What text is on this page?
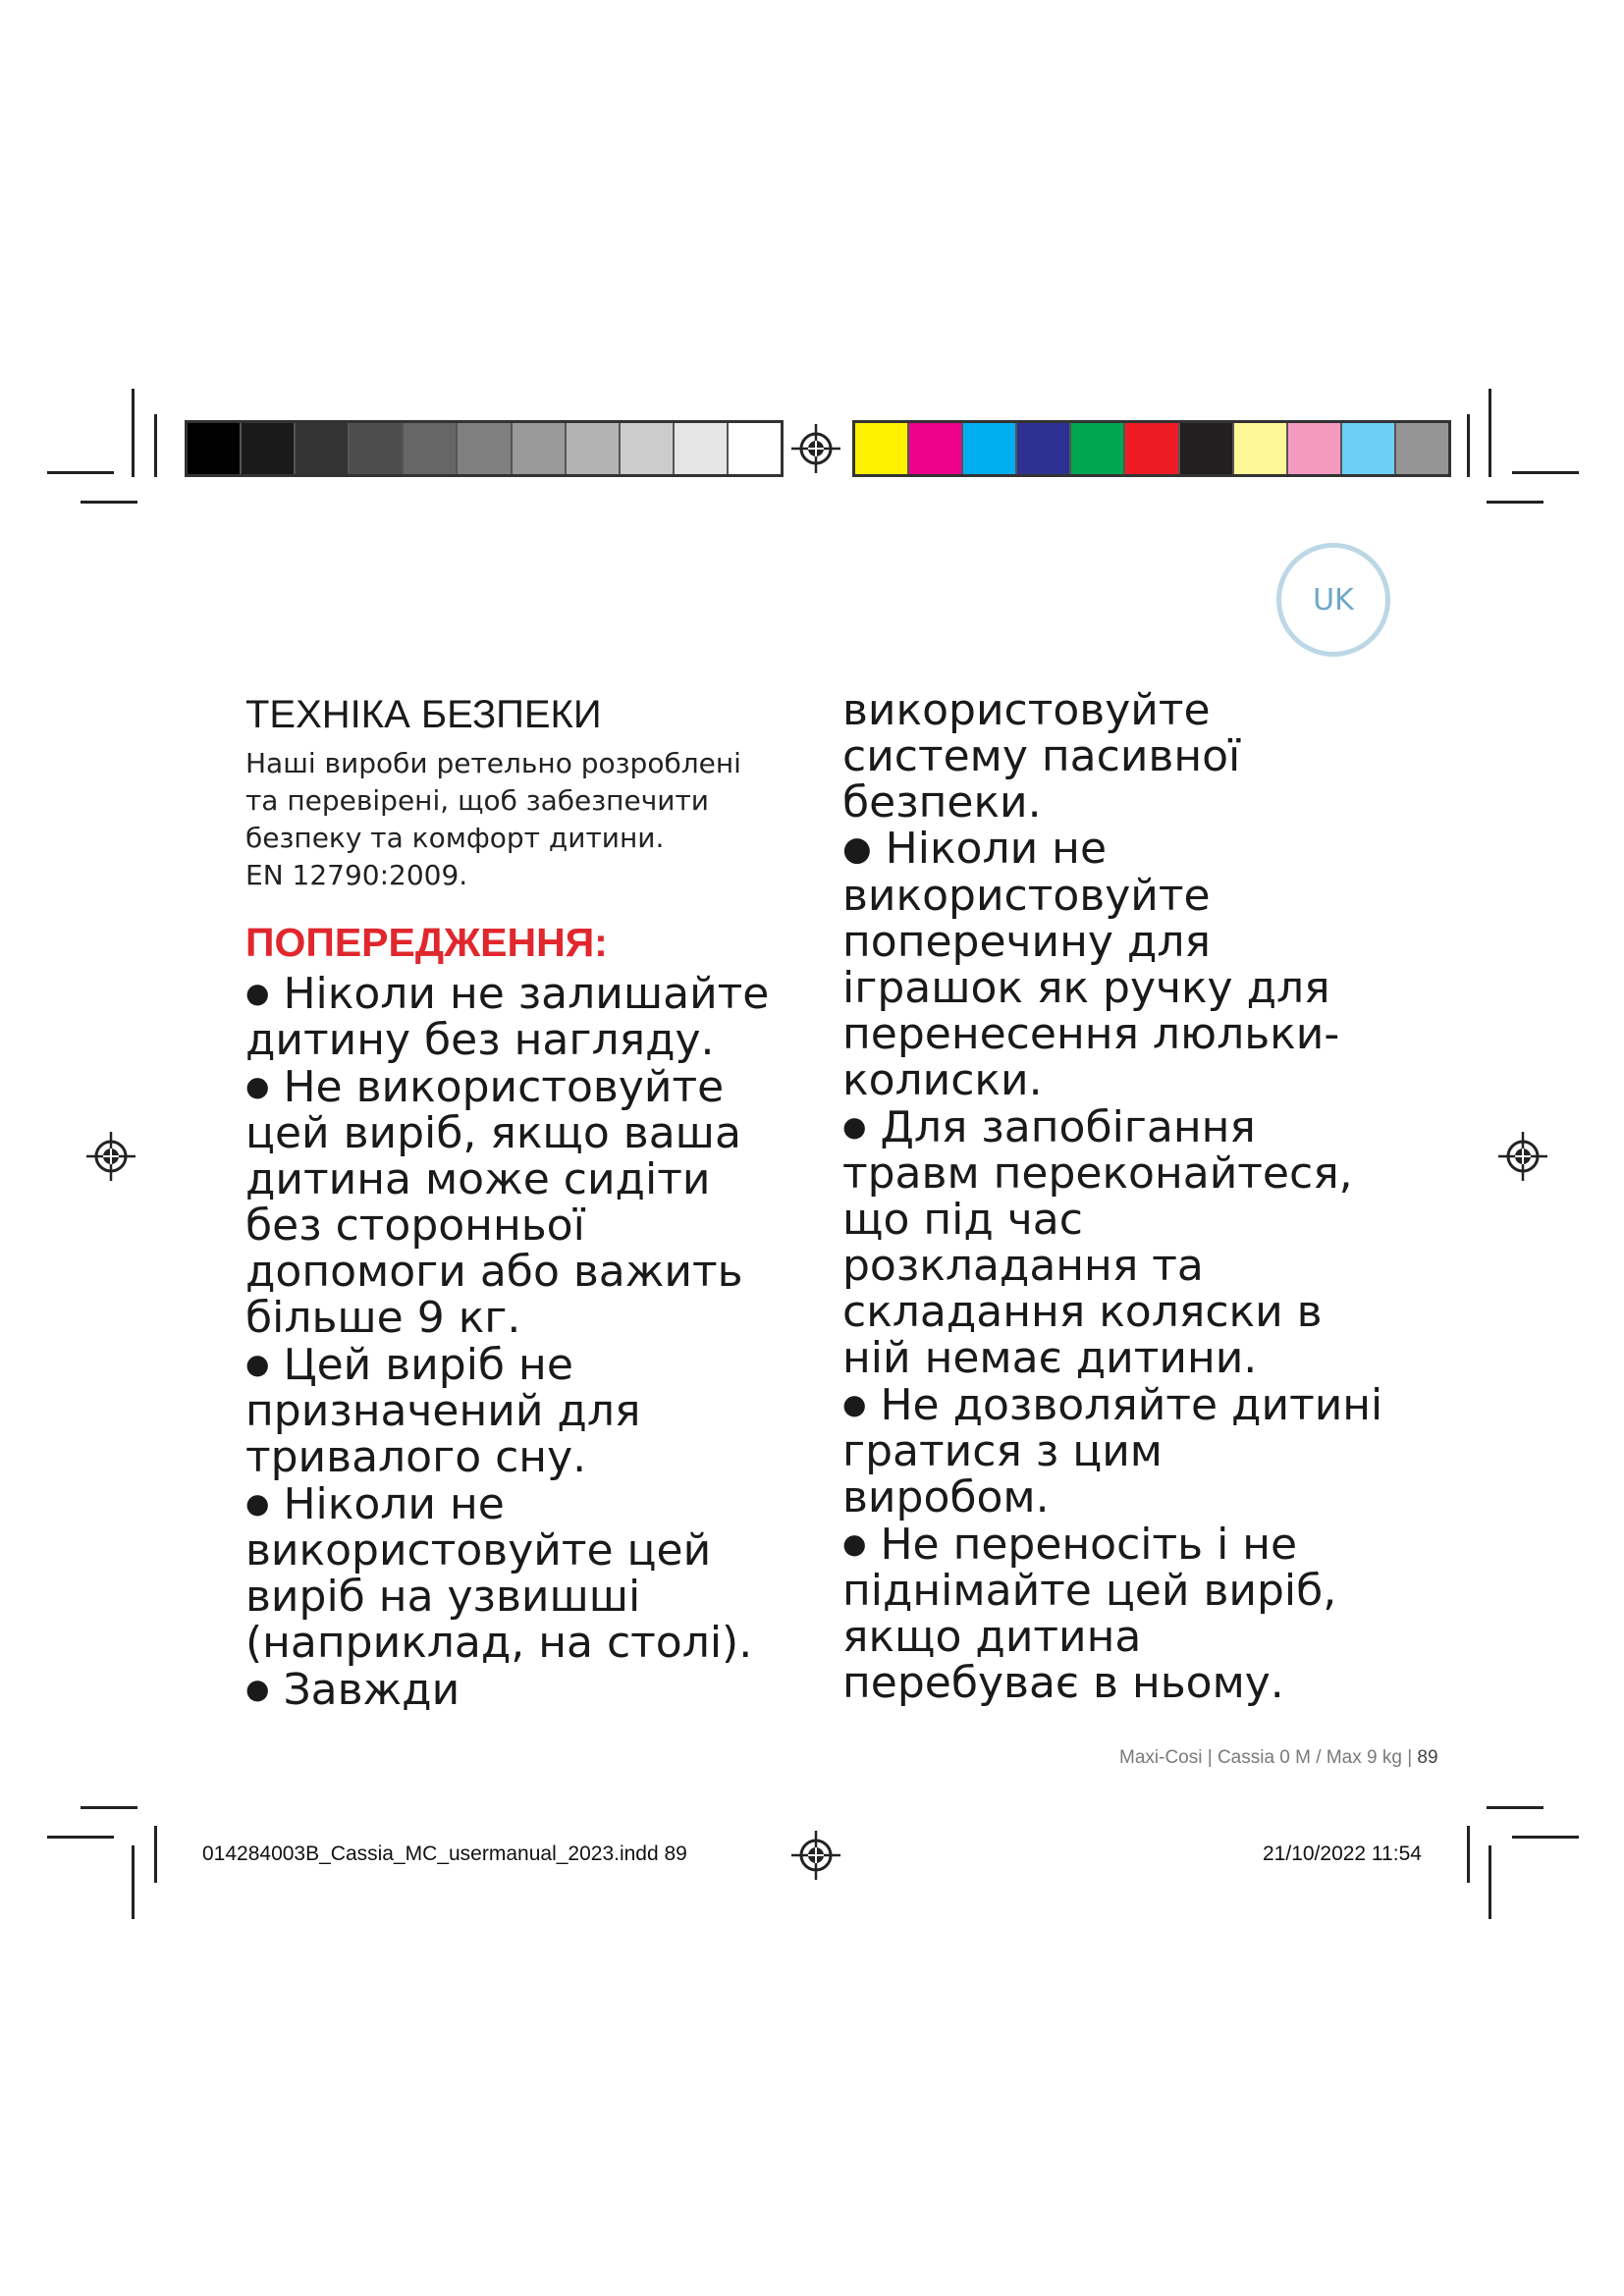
UK
ТЕХНІКА БЕЗПЕКИ
Наші вироби ретельно розроблені
та перевірені, щоб забезпечити
безпеку та комфорт дитини.
EN 12790:2009.
ПОПЕРЕДЖЕННЯ:
● Ніколи не залишайте
дитину без нагляду.
● Не використовуйте
цей виріб, якщо ваша
дитина може сидіти
без сторонньої
допомоги або важить
більше 9 кг.
● Цей виріб не
призначений для
тривалого сну.
● Ніколи не
використовуйте цей
виріб на узвишші
(наприклад, на столі).
● Завжди
використовуйте
систему пасивної
безпеки.
● Ніколи не
використовуйте
поперечину для
іграшок як ручку для
перенесення люльки-
колиски.
● Для запобігання
травм переконайтеся,
що під час
розкладання та
складання коляски в
ній немає дитини.
● Не дозволяйте дитині
гратися з цим
виробом.
● Не переносіть і не
піднімайте цей виріб,
якщо дитина
перебуває в ньому.
Maxi-Cosi | Cassia 0 M / Max 9 kg | 89
014284003B_Cassia_MC_usermanual_2023.indd 89	21/10/2022 11:54
